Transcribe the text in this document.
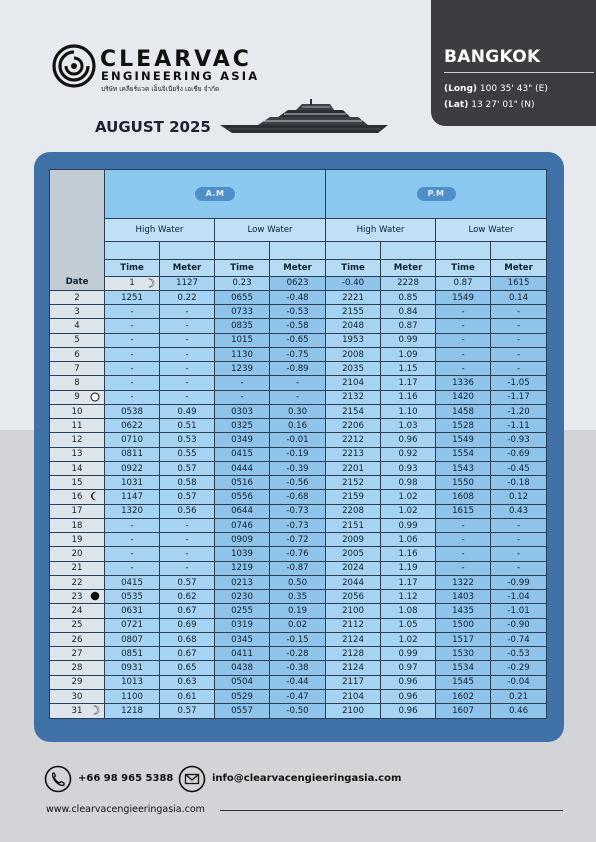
CLEARVAC
ENGINEERING ASIA
บริษัท เคลียร์แวค เอ็นจิเนียริ่ง เอเชีย จำกัด
AUGUST 2025
BANGKOK
(Long) 100 35' 43" (E)
(Lat) 13 27' 01" (N)
Date	A.M				P.M				
	High Water		Low Water		High Water		Low Water		

	Time	Meter	Time	Meter	Time	Meter	Time	Meter	
	1	1127	0.23	0623	-0.40	2228	0.87	1615	
2	1251	0.22	0655	-0.48	2221	0.85	1549	0.14	
3	-	-	0733	-0.53	2155	0.84	-	-	
4	-	-	0835	-0.58	2048	0.87	-	-	
5	-	-	1015	-0.65	1953	0.99	-	-	
6	-	-	1130	-0.75	2008	1.09	-	-	
7	-	-	1239	-0.89	2035	1.15	-	-	
8	-	-	-	-	2104	1.17	1336	-1.05	
9	-	-	-	-	2132	1.16	1420	-1.17	
10	0538	0.49	0303	0.30	2154	1.10	1458	-1.20	
11	0622	0.51	0325	0.16	2206	1.03	1528	-1.11	
12	0710	0.53	0349	-0.01	2212	0.96	1549	-0.93	
13	0811	0.55	0415	-0.19	2213	0.92	1554	-0.69	
14	0922	0.57	0444	-0.39	2201	0.93	1543	-0.45	
15	1031	0.58	0516	-0.56	2152	0.98	1550	-0.18	
16	1147	0.57	0556	-0.68	2159	1.02	1608	0.12	
17	1320	0.56	0644	-0.73	2208	1.02	1615	0.43	
18	-	-	0746	-0.73	2151	0.99	-	-	
19	-	-	0909	-0.72	2009	1.06	-	-	
20	-	-	1039	-0.76	2005	1.16	-	-	
21	-	-	1219	-0.87	2024	1.19	-	-	
22	0415	0.57	0213	0.50	2044	1.17	1322	-0.99	
23	0535	0.62	0230	0.35	2056	1.12	1403	-1.04	
24	0631	0.67	0255	0.19	2100	1.08	1435	-1.01	
25	0721	0.69	0319	0.02	2112	1.05	1500	-0.90	
26	0807	0.68	0345	-0.15	2124	1.02	1517	-0.74	
27	0851	0.67	0411	-0.28	2128	0.99	1530	-0.53	
28	0931	0.65	0438	-0.38	2124	0.97	1534	-0.29	
29	1013	0.63	0504	-0.44	2117	0.96	1545	-0.04	
30	1100	0.61	0529	-0.47	2104	0.96	1602	0.21	
31	1218	0.57	0557	-0.50	2100	0.96	1607	0.46	
+66 98 965 5388	info@clearvacengieeringasia.com
www.clearvacengieeringasia.com
